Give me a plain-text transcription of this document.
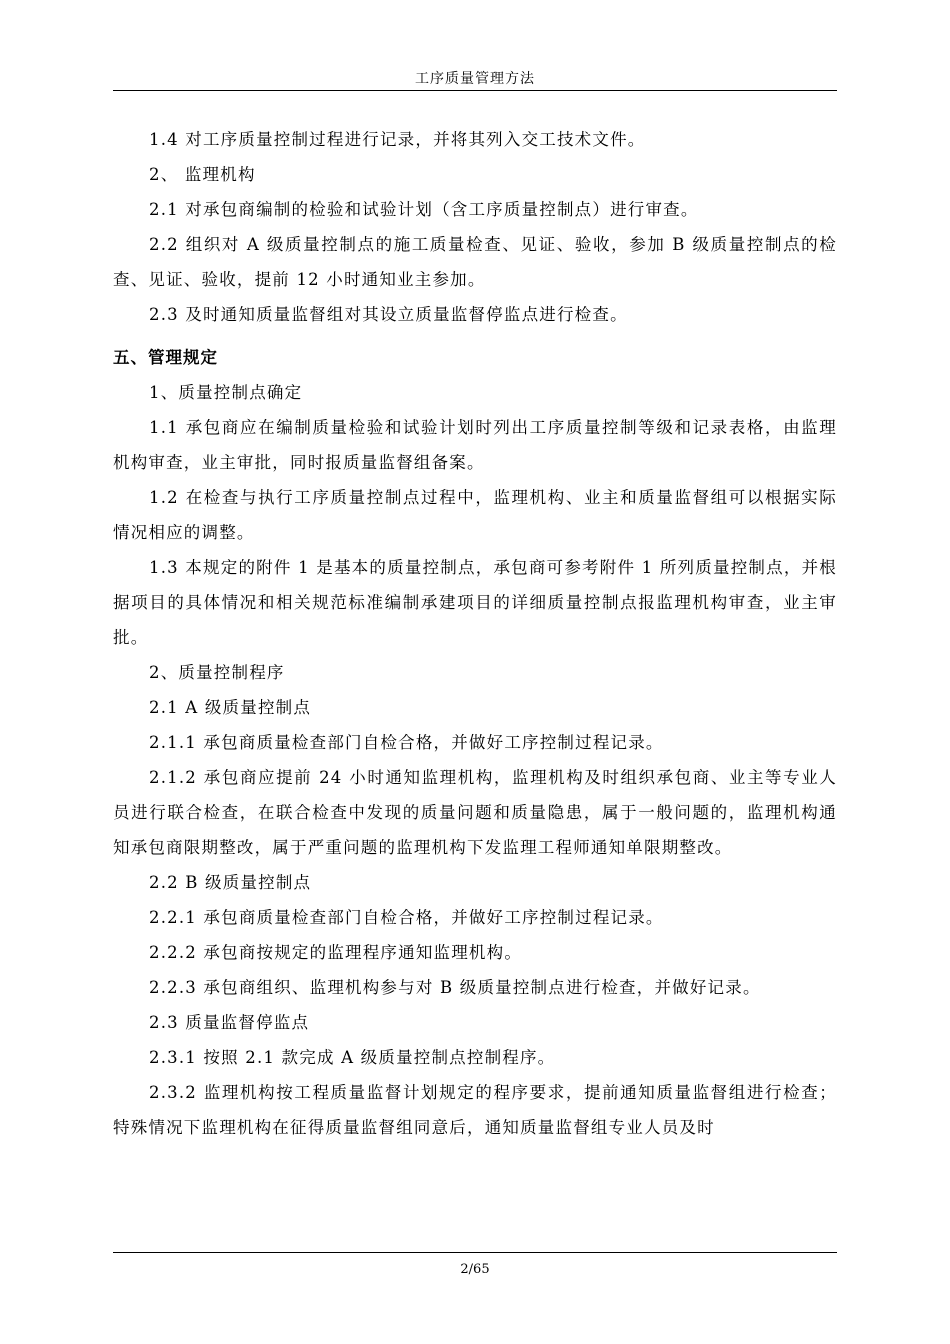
工序质量管理方法

1.4 对工序质量控制过程进行记录，并将其列入交工技术文件。

2、 监理机构

2.1 对承包商编制的检验和试验计划（含工序质量控制点）进行审查。

2.2 组织对 A 级质量控制点的施工质量检查、见证、验收，参加 B 级质量控制点的检查、见证、验收，提前 12 小时通知业主参加。

2.3 及时通知质量监督组对其设立质量监督停监点进行检查。

五、管理规定

1、质量控制点确定

1.1 承包商应在编制质量检验和试验计划时列出工序质量控制等级和记录表格，由监理机构审查，业主审批，同时报质量监督组备案。

1.2 在检查与执行工序质量控制点过程中，监理机构、业主和质量监督组可以根据实际情况相应的调整。

1.3 本规定的附件 1 是基本的质量控制点，承包商可参考附件 1 所列质量控制点，并根据项目的具体情况和相关规范标准编制承建项目的详细质量控制点报监理机构审查，业主审批。

2、质量控制程序

2.1 A 级质量控制点

2.1.1 承包商质量检查部门自检合格，并做好工序控制过程记录。

2.1.2 承包商应提前 24 小时通知监理机构，监理机构及时组织承包商、业主等专业人员进行联合检查，在联合检查中发现的质量问题和质量隐患，属于一般问题的，监理机构通知承包商限期整改，属于严重问题的监理机构下发监理工程师通知单限期整改。

2.2 B 级质量控制点

2.2.1 承包商质量检查部门自检合格，并做好工序控制过程记录。

2.2.2 承包商按规定的监理程序通知监理机构。

2.2.3 承包商组织、监理机构参与对 B 级质量控制点进行检查，并做好记录。

2.3 质量监督停监点

2.3.1 按照 2.1 款完成 A 级质量控制点控制程序。

2.3.2 监理机构按工程质量监督计划规定的程序要求，提前通知质量监督组进行检查；特殊情况下监理机构在征得质量监督组同意后，通知质量监督组专业人员及时

2/65
